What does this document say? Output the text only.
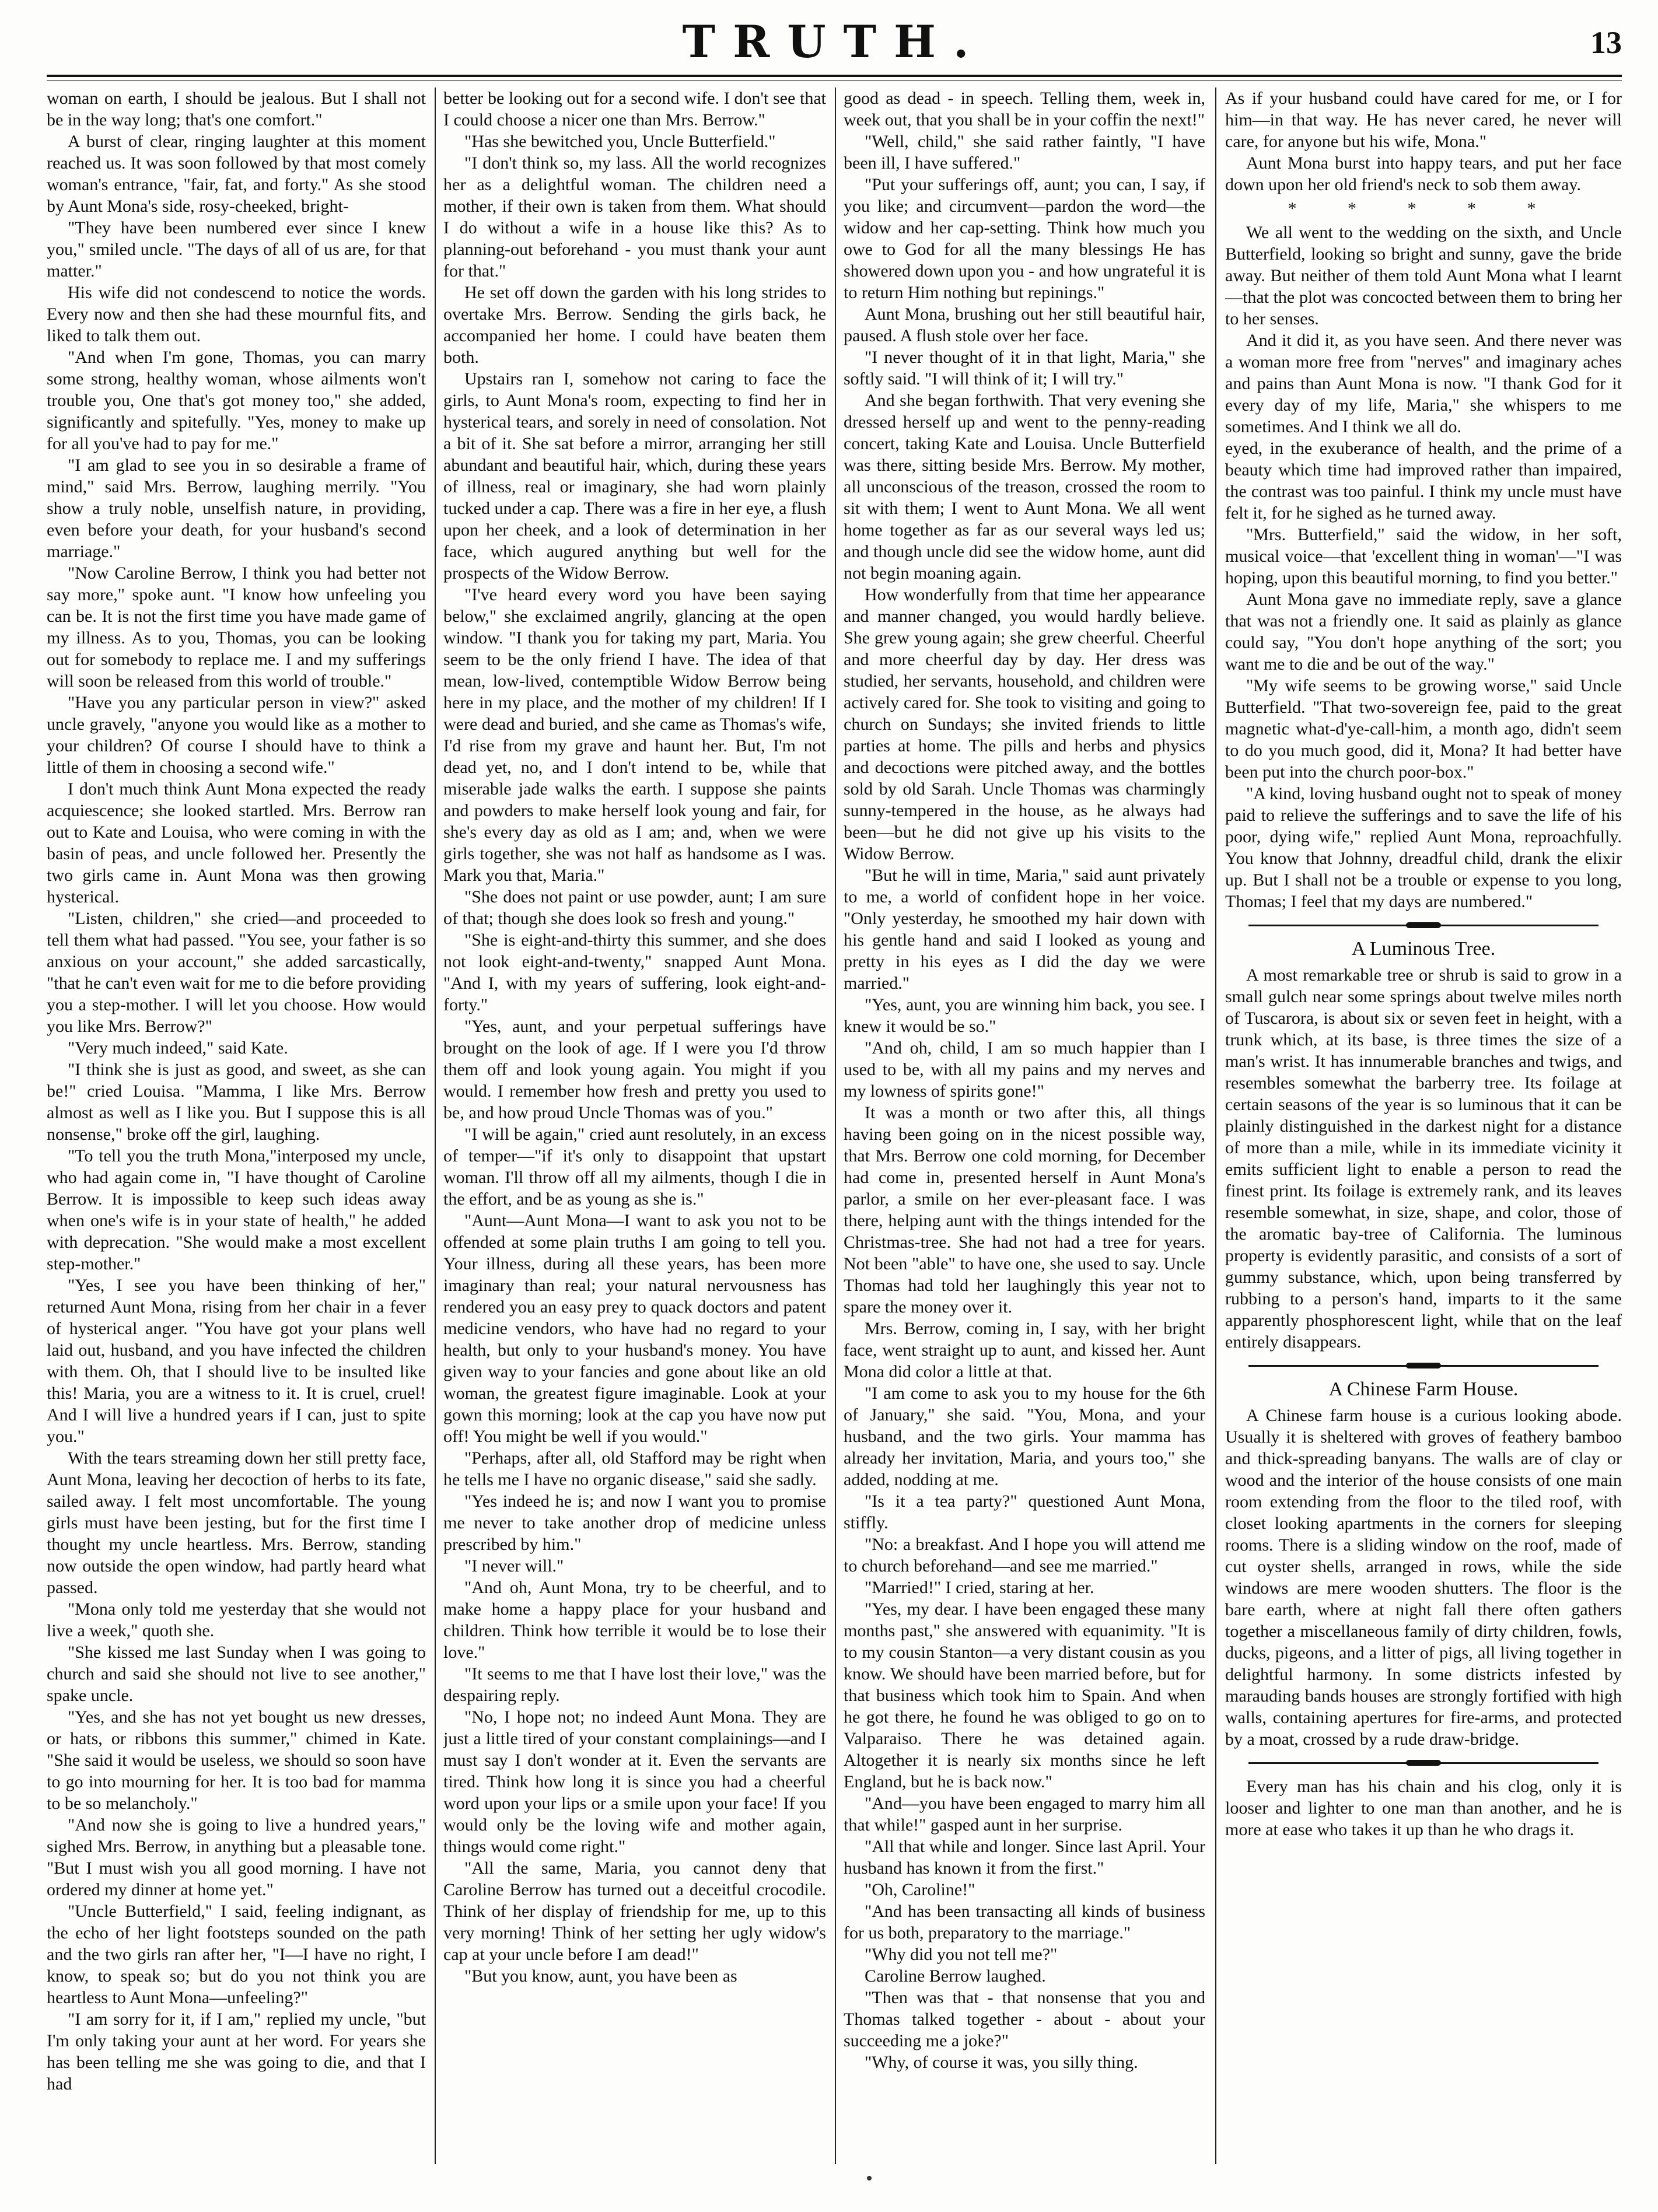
TRUTH.	13

woman on earth, I should be jealous. But I shall not be in the way long; that's one comfort."

A burst of clear, ringing laughter at this moment reached us. It was soon followed by that most comely woman's entrance, "fair, fat, and forty." As she stood by Aunt Mona's side, rosy-cheeked, bright-

"They have been numbered ever since I knew you," smiled uncle. "The days of all of us are, for that matter."

His wife did not condescend to notice the words. Every now and then she had these mournful fits, and liked to talk them out.

"And when I'm gone, Thomas, you can marry some strong, healthy woman, whose ailments won't trouble you, One that's got money too," she added, significantly and spitefully. "Yes, money to make up for all you've had to pay for me."

"I am glad to see you in so desirable a frame of mind," said Mrs. Berrow, laughing merrily. "You show a truly noble, unselfish nature, in providing, even before your death, for your husband's second marriage."

"Now Caroline Berrow, I think you had better not say more," spoke aunt. "I know how unfeeling you can be. It is not the first time you have made game of my illness. As to you, Thomas, you can be looking out for somebody to replace me. I and my sufferings will soon be released from this world of trouble."

"Have you any particular person in view?" asked uncle gravely, "anyone you would like as a mother to your children? Of course I should have to think a little of them in choosing a second wife."

I don't much think Aunt Mona expected the ready acquiescence; she looked startled. Mrs. Berrow ran out to Kate and Louisa, who were coming in with the basin of peas, and uncle followed her. Presently the two girls came in. Aunt Mona was then growing hysterical.

"Listen, children," she cried—and proceeded to tell them what had passed. "You see, your father is so anxious on your account," she added sarcastically, "that he can't even wait for me to die before providing you a step-mother. I will let you choose. How would you like Mrs. Berrow?"

"Very much indeed," said Kate.

"I think she is just as good, and sweet, as she can be!" cried Louisa. "Mamma, I like Mrs. Berrow almost as well as I like you. But I suppose this is all nonsense," broke off the girl, laughing.

"To tell you the truth Mona,"interposed my uncle, who had again come in, "I have thought of Caroline Berrow. It is impossible to keep such ideas away when one's wife is in your state of health," he added with deprecation. "She would make a most excellent step-mother."

"Yes, I see you have been thinking of her," returned Aunt Mona, rising from her chair in a fever of hysterical anger. "You have got your plans well laid out, husband, and you have infected the children with them. Oh, that I should live to be insulted like this! Maria, you are a witness to it. It is cruel, cruel! And I will live a hundred years if I can, just to spite you."

With the tears streaming down her still pretty face, Aunt Mona, leaving her decoction of herbs to its fate, sailed away. I felt most uncomfortable. The young girls must have been jesting, but for the first time I thought my uncle heartless. Mrs. Berrow, standing now outside the open window, had partly heard what passed.

"Mona only told me yesterday that she would not live a week," quoth she.

"She kissed me last Sunday when I was going to church and said she should not live to see another," spake uncle.

"Yes, and she has not yet bought us new dresses, or hats, or ribbons this summer," chimed in Kate. "She said it would be useless, we should so soon have to go into mourning for her. It is too bad for mamma to be so melancholy."

"And now she is going to live a hundred years," sighed Mrs. Berrow, in anything but a pleasable tone. "But I must wish you all good morning. I have not ordered my dinner at home yet."

"Uncle Butterfield," I said, feeling indignant, as the echo of her light footsteps sounded on the path and the two girls ran after her, "I—I have no right, I know, to speak so; but do you not think you are heartless to Aunt Mona—unfeeling?"

"I am sorry for it, if I am," replied my uncle, "but I'm only taking your aunt at her word. For years she has been telling me she was going to die, and that I had

better be looking out for a second wife. I don't see that I could choose a nicer one than Mrs. Berrow."

"Has she bewitched you, Uncle Butterfield."

"I don't think so, my lass. All the world recognizes her as a delightful woman. The children need a mother, if their own is taken from them. What should I do without a wife in a house like this? As to planning-out beforehand - you must thank your aunt for that."

He set off down the garden with his long strides to overtake Mrs. Berrow. Sending the girls back, he accompanied her home. I could have beaten them both.

Upstairs ran I, somehow not caring to face the girls, to Aunt Mona's room, expecting to find her in hysterical tears, and sorely in need of consolation. Not a bit of it. She sat before a mirror, arranging her still abundant and beautiful hair, which, during these years of illness, real or imaginary, she had worn plainly tucked under a cap. There was a fire in her eye, a flush upon her cheek, and a look of determination in her face, which augured anything but well for the prospects of the Widow Berrow.

"I've heard every word you have been saying below," she exclaimed angrily, glancing at the open window. "I thank you for taking my part, Maria. You seem to be the only friend I have. The idea of that mean, low-lived, contemptible Widow Berrow being here in my place, and the mother of my children! If I were dead and buried, and she came as Thomas's wife, I'd rise from my grave and haunt her. But, I'm not dead yet, no, and I don't intend to be, while that miserable jade walks the earth. I suppose she paints and powders to make herself look young and fair, for she's every day as old as I am; and, when we were girls together, she was not half as handsome as I was. Mark you that, Maria."

"She does not paint or use powder, aunt; I am sure of that; though she does look so fresh and young."

"She is eight-and-thirty this summer, and she does not look eight-and-twenty," snapped Aunt Mona. "And I, with my years of suffering, look eight-and-forty."

"Yes, aunt, and your perpetual sufferings have brought on the look of age. If I were you I'd throw them off and look young again. You might if you would. I remember how fresh and pretty you used to be, and how proud Uncle Thomas was of you."

"I will be again," cried aunt resolutely, in an excess of temper—"if it's only to disappoint that upstart woman. I'll throw off all my ailments, though I die in the effort, and be as young as she is."

"Aunt—Aunt Mona—I want to ask you not to be offended at some plain truths I am going to tell you. Your illness, during all these years, has been more imaginary than real; your natural nervousness has rendered you an easy prey to quack doctors and patent medicine vendors, who have had no regard to your health, but only to your husband's money. You have given way to your fancies and gone about like an old woman, the greatest figure imaginable. Look at your gown this morning; look at the cap you have now put off! You might be well if you would."

"Perhaps, after all, old Stafford may be right when he tells me I have no organic disease," said she sadly.

"Yes indeed he is; and now I want you to promise me never to take another drop of medicine unless prescribed by him."

"I never will."

"And oh, Aunt Mona, try to be cheerful, and to make home a happy place for your husband and children. Think how terrible it would be to lose their love."

"It seems to me that I have lost their love," was the despairing reply.

"No, I hope not; no indeed Aunt Mona. They are just a little tired of your constant complainings—and I must say I don't wonder at it. Even the servants are tired. Think how long it is since you had a cheerful word upon your lips or a smile upon your face! If you would only be the loving wife and mother again, things would come right."

"All the same, Maria, you cannot deny that Caroline Berrow has turned out a deceitful crocodile. Think of her display of friendship for me, up to this very morning! Think of her setting her ugly widow's cap at your uncle before I am dead!"

"But you know, aunt, you have been as

good as dead - in speech. Telling them, week in, week out, that you shall be in your coffin the next!"

"Well, child," she said rather faintly, "I have been ill, I have suffered."

"Put your sufferings off, aunt; you can, I say, if you like; and circumvent—pardon the word—the widow and her cap-setting. Think how much you owe to God for all the many blessings He has showered down upon you - and how ungrateful it is to return Him nothing but repinings."

Aunt Mona, brushing out her still beautiful hair, paused. A flush stole over her face.

"I never thought of it in that light, Maria," she softly said. "I will think of it; I will try."

And she began forthwith. That very evening she dressed herself up and went to the penny-reading concert, taking Kate and Louisa. Uncle Butterfield was there, sitting beside Mrs. Berrow. My mother, all unconscious of the treason, crossed the room to sit with them; I went to Aunt Mona. We all went home together as far as our several ways led us; and though uncle did see the widow home, aunt did not begin moaning again.

How wonderfully from that time her appearance and manner changed, you would hardly believe. She grew young again; she grew cheerful. Cheerful and more cheerful day by day. Her dress was studied, her servants, household, and children were actively cared for. She took to visiting and going to church on Sundays; she invited friends to little parties at home. The pills and herbs and physics and decoctions were pitched away, and the bottles sold by old Sarah. Uncle Thomas was charmingly sunny-tempered in the house, as he always had been—but he did not give up his visits to the Widow Berrow.

"But he will in time, Maria," said aunt privately to me, a world of confident hope in her voice. "Only yesterday, he smoothed my hair down with his gentle hand and said I looked as young and pretty in his eyes as I did the day we were married."

"Yes, aunt, you are winning him back, you see. I knew it would be so."

"And oh, child, I am so much happier than I used to be, with all my pains and my nerves and my lowness of spirits gone!"

It was a month or two after this, all things having been going on in the nicest possible way, that Mrs. Berrow one cold morning, for December had come in, presented herself in Aunt Mona's parlor, a smile on her ever-pleasant face. I was there, helping aunt with the things intended for the Christmas-tree. She had not had a tree for years. Not been "able" to have one, she used to say. Uncle Thomas had told her laughingly this year not to spare the money over it.

Mrs. Berrow, coming in, I say, with her bright face, went straight up to aunt, and kissed her. Aunt Mona did color a little at that.

"I am come to ask you to my house for the 6th of January," she said. "You, Mona, and your husband, and the two girls. Your mamma has already her invitation, Maria, and yours too," she added, nodding at me.

"Is it a tea party?" questioned Aunt Mona, stiffly.

"No: a breakfast. And I hope you will attend me to church beforehand—and see me married."

"Married!" I cried, staring at her.

"Yes, my dear. I have been engaged these many months past," she answered with equanimity. "It is to my cousin Stanton—a very distant cousin as you know. We should have been married before, but for that business which took him to Spain. And when he got there, he found he was obliged to go on to Valparaiso. There he was detained again. Altogether it is nearly six months since he left England, but he is back now."

"And—you have been engaged to marry him all that while!" gasped aunt in her surprise.

"All that while and longer. Since last April. Your husband has known it from the first."

"Oh, Caroline!"

"And has been transacting all kinds of business for us both, preparatory to the marriage."

"Why did you not tell me?"

Caroline Berrow laughed.

"Then was that - that nonsense that you and Thomas talked together - about - about your succeeding me a joke?"

"Why, of course it was, you silly thing.

As if your husband could have cared for me, or I for him—in that way. He has never cared, he never will care, for anyone but his wife, Mona."

Aunt Mona burst into happy tears, and put her face down upon her old friend's neck to sob them away.

* * * * *

We all went to the wedding on the sixth, and Uncle Butterfield, looking so bright and sunny, gave the bride away. But neither of them told Aunt Mona what I learnt—that the plot was concocted between them to bring her to her senses.

And it did it, as you have seen. And there never was a woman more free from "nerves" and imaginary aches and pains than Aunt Mona is now. "I thank God for it every day of my life, Maria," she whispers to me sometimes. And I think we all do.

eyed, in the exuberance of health, and the prime of a beauty which time had improved rather than impaired, the contrast was too painful. I think my uncle must have felt it, for he sighed as he turned away.

"Mrs. Butterfield," said the widow, in her soft, musical voice—that 'excellent thing in woman'—"I was hoping, upon this beautiful morning, to find you better."

Aunt Mona gave no immediate reply, save a glance that was not a friendly one. It said as plainly as glance could say, "You don't hope anything of the sort; you want me to die and be out of the way."

"My wife seems to be growing worse," said Uncle Butterfield. "That two-sovereign fee, paid to the great magnetic what-d'ye-call-him, a month ago, didn't seem to do you much good, did it, Mona? It had better have been put into the church poor-box."

"A kind, loving husband ought not to speak of money paid to relieve the sufferings and to save the life of his poor, dying wife," replied Aunt Mona, reproachfully. You know that Johnny, dreadful child, drank the elixir up. But I shall not be a trouble or expense to you long, Thomas; I feel that my days are numbered."

A Luminous Tree.

A most remarkable tree or shrub is said to grow in a small gulch near some springs about twelve miles north of Tuscarora, is about six or seven feet in height, with a trunk which, at its base, is three times the size of a man's wrist. It has innumerable branches and twigs, and resembles somewhat the barberry tree. Its foilage at certain seasons of the year is so luminous that it can be plainly distinguished in the darkest night for a distance of more than a mile, while in its immediate vicinity it emits sufficient light to enable a person to read the finest print. Its foilage is extremely rank, and its leaves resemble somewhat, in size, shape, and color, those of the aromatic bay-tree of California. The luminous property is evidently parasitic, and consists of a sort of gummy substance, which, upon being transferred by rubbing to a person's hand, imparts to it the same apparently phosphorescent light, while that on the leaf entirely disappears.

A Chinese Farm House.

A Chinese farm house is a curious looking abode. Usually it is sheltered with groves of feathery bamboo and thick-spreading banyans. The walls are of clay or wood and the interior of the house consists of one main room extending from the floor to the tiled roof, with closet looking apartments in the corners for sleeping rooms. There is a sliding window on the roof, made of cut oyster shells, arranged in rows, while the side windows are mere wooden shutters. The floor is the bare earth, where at night fall there often gathers together a miscellaneous family of dirty children, fowls, ducks, pigeons, and a litter of pigs, all living together in delightful harmony. In some districts infested by marauding bands houses are strongly fortified with high walls, containing apertures for fire-arms, and protected by a moat, crossed by a rude draw-bridge.

Every man has his chain and his clog, only it is looser and lighter to one man than another, and he is more at ease who takes it up than he who drags it.
